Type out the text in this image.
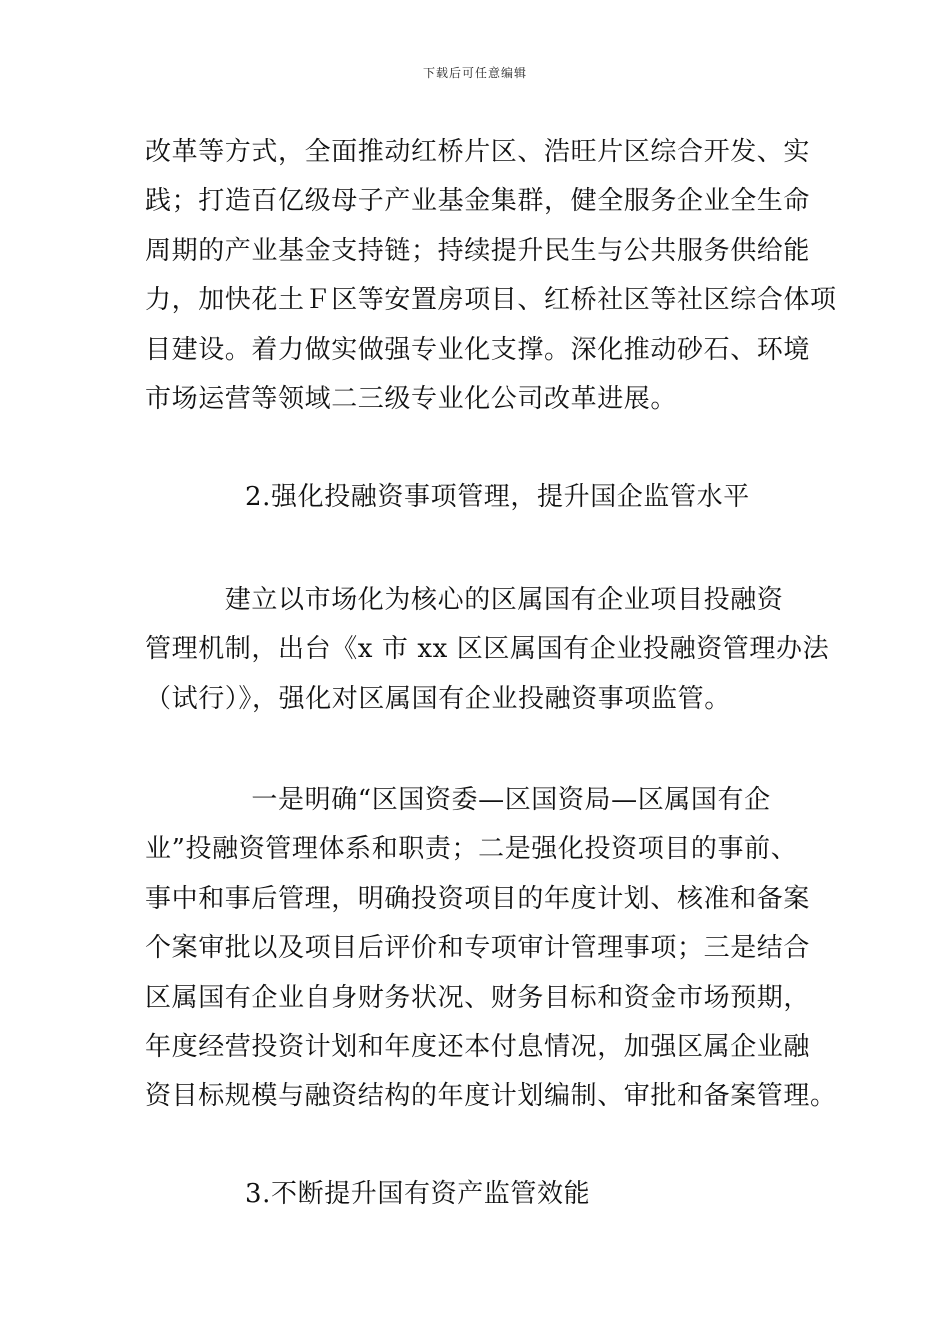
下载后可任意编辑
改革等方式，全面推动红桥片区、浩旺片区综合开发、实
践；打造百亿级母子产业基金集群，健全服务企业全生命
周期的产业基金支持链；持续提升民生与公共服务供给能
力，加快花土Ｆ区等安置房项目、红桥社区等社区综合体项
目建设。着力做实做强专业化支撑。深化推动砂石、环境
市场运营等领域二三级专业化公司改革进展。
2.强化投融资事项管理，提升国企监管水平
　　　建立以市场化为核心的区属国有企业项目投融资
管理机制，出台《x 市 xx 区区属国有企业投融资管理办法
（试行）》，强化对区属国有企业投融资事项监管。
　　　　一是明确“区国资委—区国资局—区属国有企
业”投融资管理体系和职责；二是强化投资项目的事前、
事中和事后管理，明确投资项目的年度计划、核准和备案
个案审批以及项目后评价和专项审计管理事项；三是结合
区属国有企业自身财务状况、财务目标和资金市场预期，
年度经营投资计划和年度还本付息情况，加强区属企业融
资目标规模与融资结构的年度计划编制、审批和备案管理。
3.不断提升国有资产监管效能
